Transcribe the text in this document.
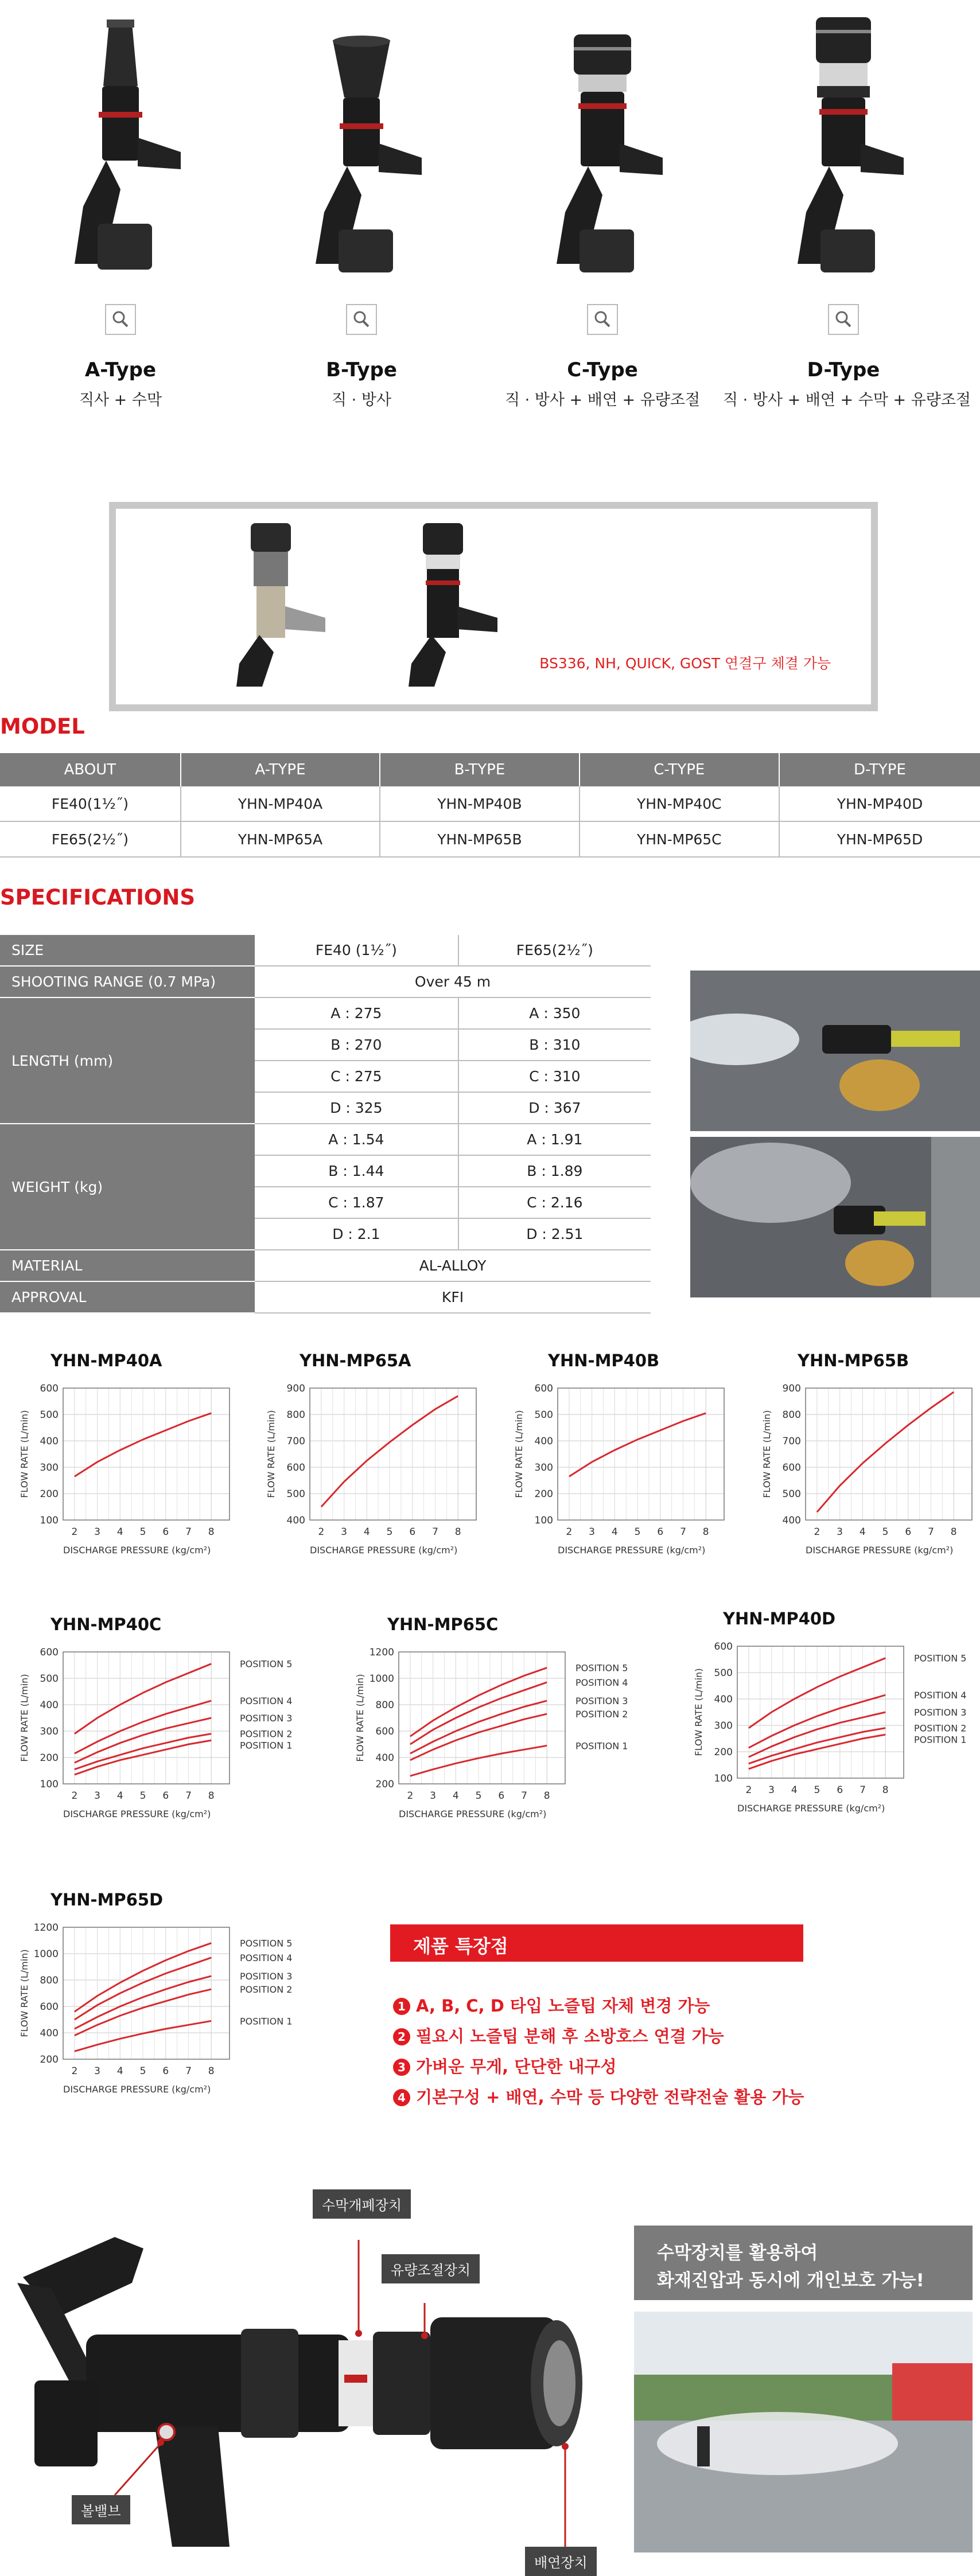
A-Type
직사 + 수막
B-Type
직 · 방사
C-Type
직 · 방사 + 배연 + 유량조절
D-Type
직 · 방사 + 배연 + 수막 + 유량조절
BS336, NH, QUICK, GOST 연결구 체결 가능
MODEL
ABOUT	A-TYPE	B-TYPE	C-TYPE	D-TYPE
FE40(1½˝)	YHN-MP40A	YHN-MP40B	YHN-MP40C	YHN-MP40D
FE65(2½˝)	YHN-MP65A	YHN-MP65B	YHN-MP65C	YHN-MP65D
SPECIFICATIONS
SIZE	FE40 (1½˝)	FE65(2½˝)
SHOOTING RANGE (0.7 MPa)	Over 45 m	
LENGTH (mm)	A : 275	A : 350
	B : 270	B : 310
	C : 275	C : 310
	D : 325	D : 367
WEIGHT (kg)	A : 1.54	A : 1.91
	B : 1.44	B : 1.89
	C : 1.87	C : 2.16
	D : 2.1	D : 2.51
MATERIAL	AL-ALLOY	
APPROVAL	KFI	
YHN-MP40A	YHN-MP65A	YHN-MP40B	YHN-MP65B
YHN-MP40C	YHN-MP65C	YHN-MP40D
YHN-MP65D
2 3 4 5 6 7 8
100
200
300
400
500
600
DISCHARGE PRESSURE (kg/cm²)
FLOW RATE (L/min)
2 3 4 5 6 7 8
400
500
600
700
800
900
DISCHARGE PRESSURE (kg/cm²)
FLOW RATE (L/min)
2 3 4 5 6 7 8
100
200
300
400
500
600
DISCHARGE PRESSURE (kg/cm²)
FLOW RATE (L/min)
2 3 4 5 6 7 8
400
500
600
700
800
900
DISCHARGE PRESSURE (kg/cm²)
FLOW RATE (L/min)
2 3 4 5 6 7 8
100
200
300
400
500
600
DISCHARGE PRESSURE (kg/cm²)
FLOW RATE (L/min)
POSITION 5
POSITION 4
POSITION 3
POSITION 2
POSITION 1
2 3 4 5 6 7 8
200
400
600
800
1000
1200
DISCHARGE PRESSURE (kg/cm²)
FLOW RATE (L/min)
POSITION 5
POSITION 4
POSITION 3
POSITION 2
POSITION 1
2 3 4 5 6 7 8
100
200
300
400
500
600
DISCHARGE PRESSURE (kg/cm²)
FLOW RATE (L/min)
POSITION 5
POSITION 4
POSITION 3
POSITION 2
POSITION 1
2 3 4 5 6 7 8
200
400
600
800
1000
1200
DISCHARGE PRESSURE (kg/cm²)
FLOW RATE (L/min)
POSITION 5
POSITION 4
POSITION 3
POSITION 2
POSITION 1
제품 특장점
1 A, B, C, D 타입 노즐팁 자체 변경 가능
2 필요시 노즐팁 분해 후 소방호스 연결 가능
3 가벼운 무게, 단단한 내구성
4 기본구성 + 배연, 수막 등 다양한 전략전술 활용 가능
수막개폐장치
유량조절장치
볼밸브
배연장치
수막장치를 활용하여
화재진압과 동시에 개인보호 가능!
